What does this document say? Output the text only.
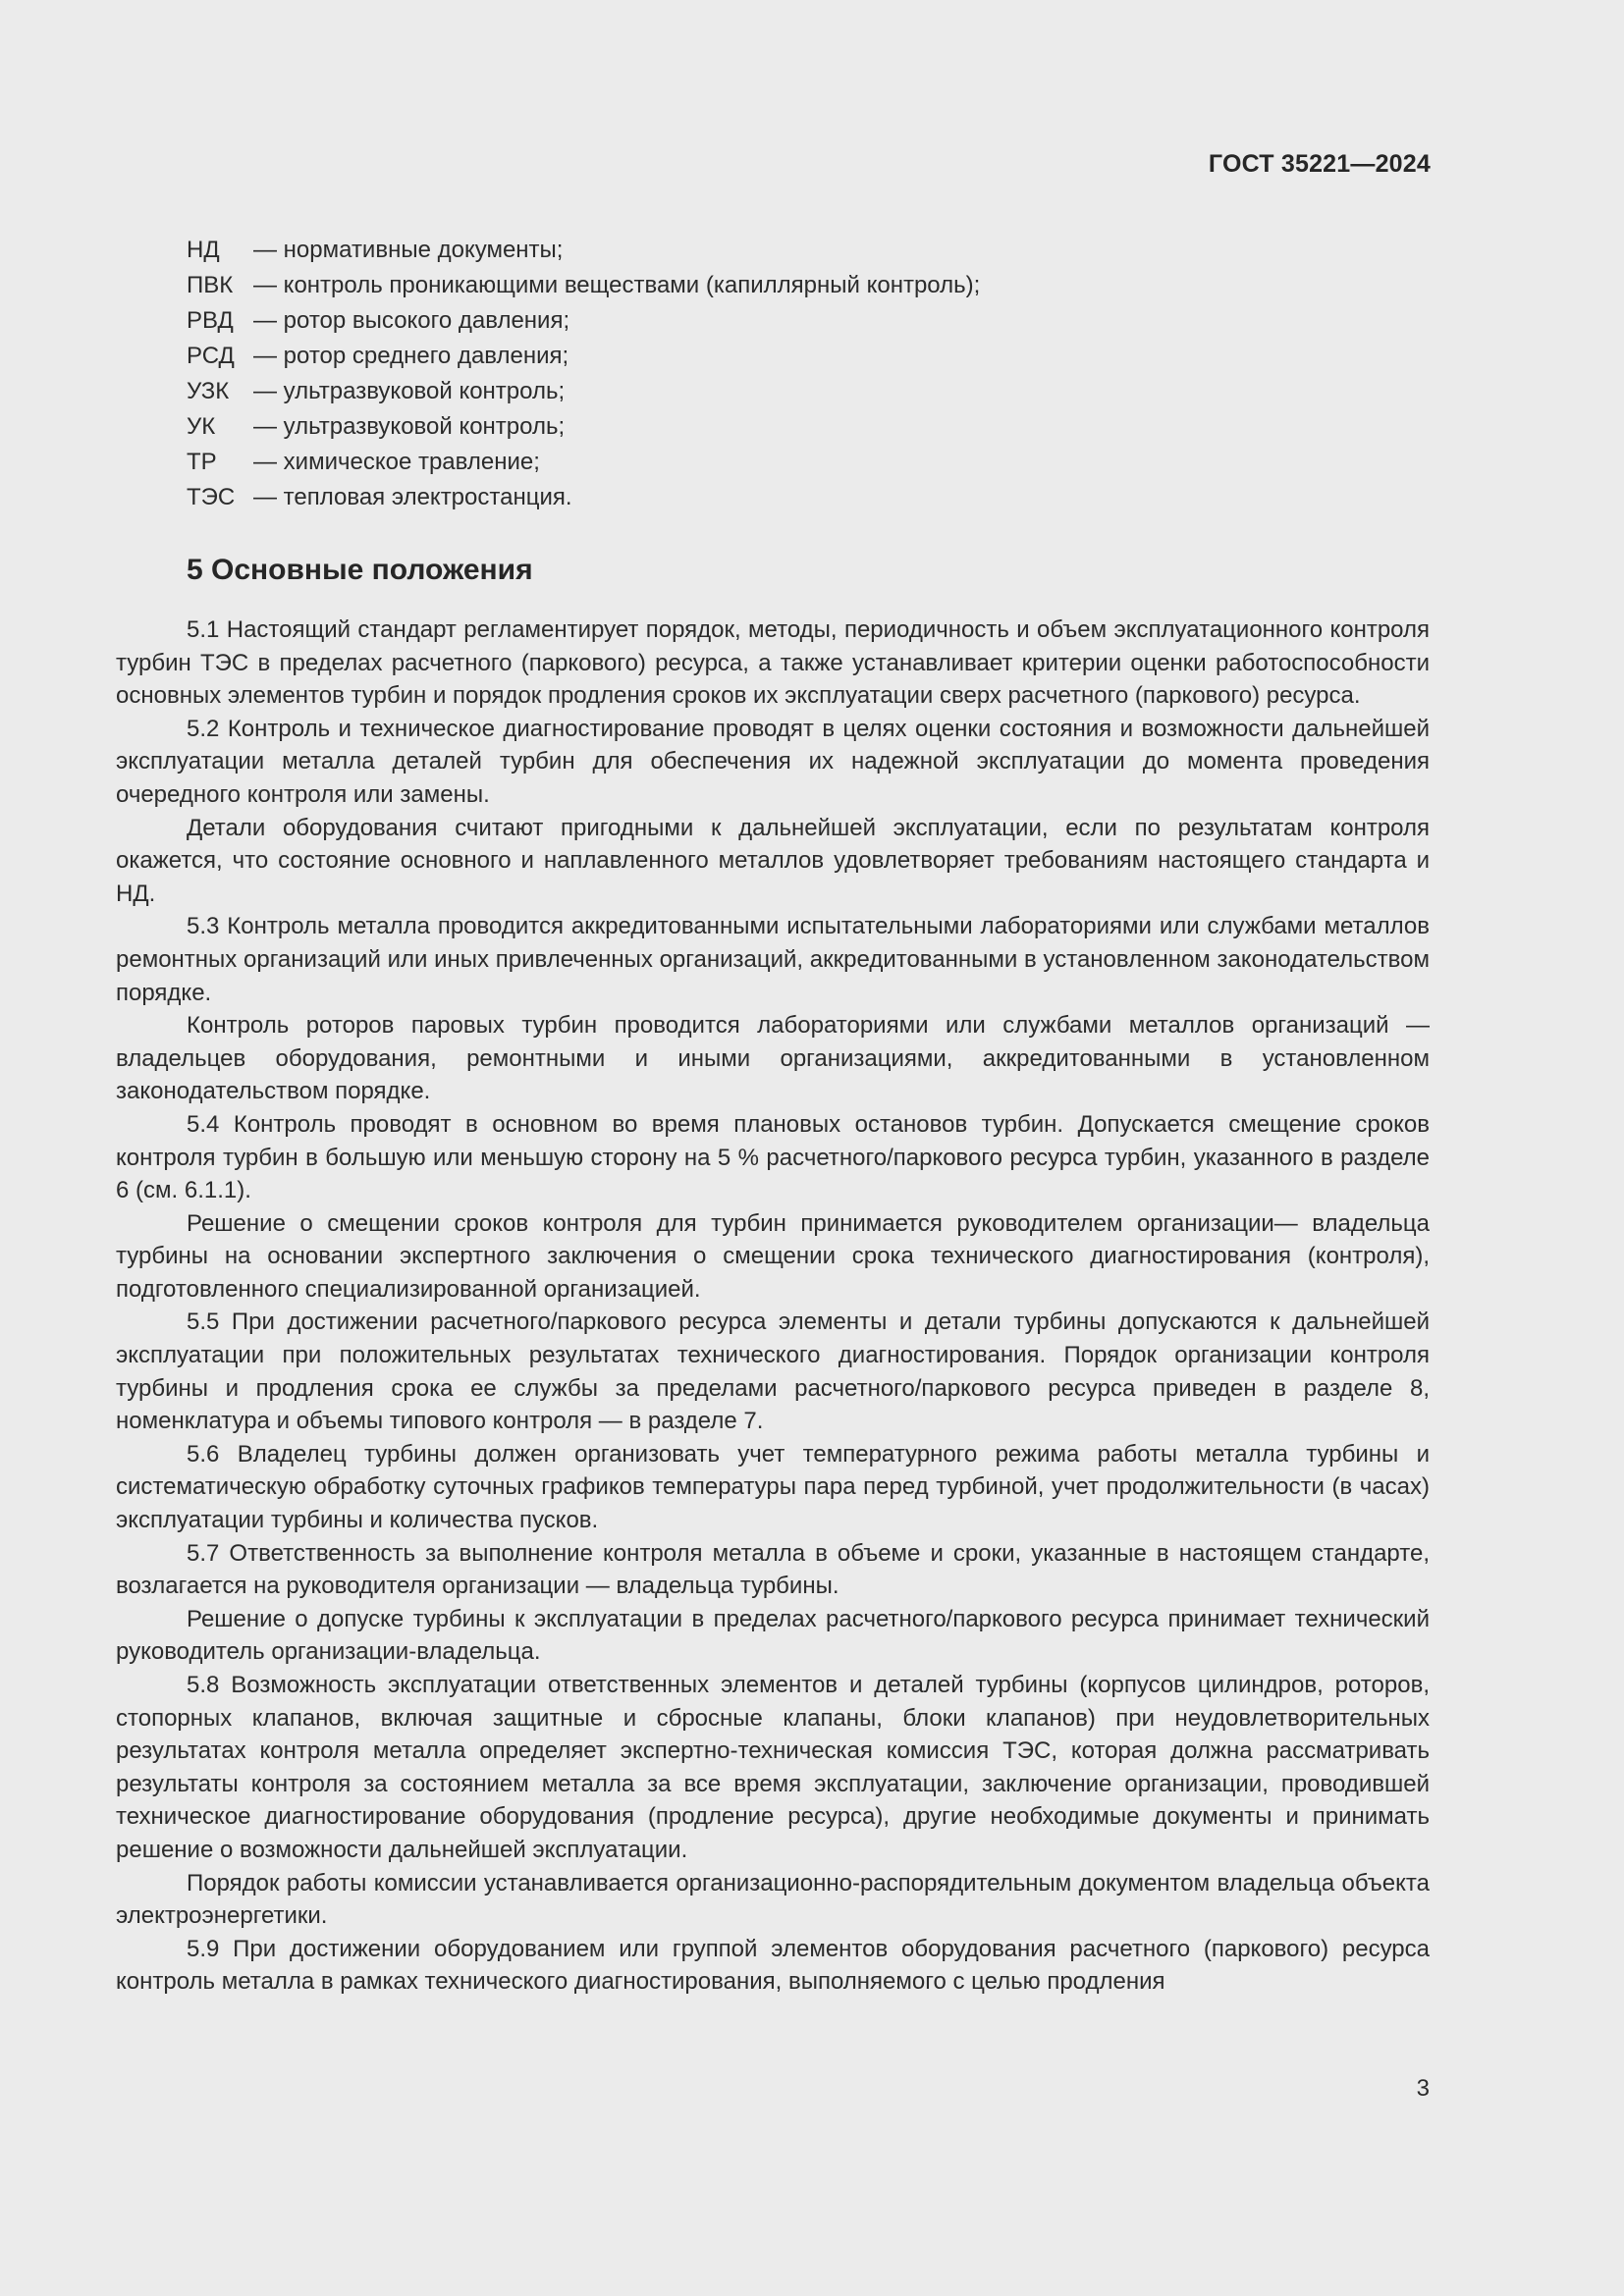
ГОСТ 35221—2024
НД — нормативные документы;
ПВК — контроль проникающими веществами (капиллярный контроль);
РВД — ротор высокого давления;
РСД — ротор среднего давления;
УЗК — ультразвуковой контроль;
УК — ультразвуковой контроль;
ТР — химическое травление;
ТЭС — тепловая электростанция.
5 Основные положения

5.1 Настоящий стандарт регламентирует порядок, методы, периодичность и объем эксплуатационного контроля турбин ТЭС в пределах расчетного (паркового) ресурса, а также устанавливает критерии оценки работоспособности основных элементов турбин и порядок продления сроков их эксплуатации сверх расчетного (паркового) ресурса.

5.2 Контроль и техническое диагностирование проводят в целях оценки состояния и возможности дальнейшей эксплуатации металла деталей турбин для обеспечения их надежной эксплуатации до момента проведения очередного контроля или замены.

Детали оборудования считают пригодными к дальнейшей эксплуатации, если по результатам контроля окажется, что состояние основного и наплавленного металлов удовлетворяет требованиям настоящего стандарта и НД.

5.3 Контроль металла проводится аккредитованными испытательными лабораториями или службами металлов ремонтных организаций или иных привлеченных организаций, аккредитованными в установленном законодательством порядке.

Контроль роторов паровых турбин проводится лабораториями или службами металлов организаций — владельцев оборудования, ремонтными и иными организациями, аккредитованными в установленном законодательством порядке.

5.4 Контроль проводят в основном во время плановых остановов турбин. Допускается смещение сроков контроля турбин в большую или меньшую сторону на 5 % расчетного/паркового ресурса турбин, указанного в разделе 6 (см. 6.1.1).

Решение о смещении сроков контроля для турбин принимается руководителем организации— владельца турбины на основании экспертного заключения о смещении срока технического диагностирования (контроля), подготовленного специализированной организацией.

5.5 При достижении расчетного/паркового ресурса элементы и детали турбины допускаются к дальнейшей эксплуатации при положительных результатах технического диагностирования. Порядок организации контроля турбины и продления срока ее службы за пределами расчетного/паркового ресурса приведен в разделе 8, номенклатура и объемы типового контроля — в разделе 7.

5.6 Владелец турбины должен организовать учет температурного режима работы металла турбины и систематическую обработку суточных графиков температуры пара перед турбиной, учет продолжительности (в часах) эксплуатации турбины и количества пусков.

5.7 Ответственность за выполнение контроля металла в объеме и сроки, указанные в настоящем стандарте, возлагается на руководителя организации — владельца турбины.

Решение о допуске турбины к эксплуатации в пределах расчетного/паркового ресурса принимает технический руководитель организации-владельца.

5.8 Возможность эксплуатации ответственных элементов и деталей турбины (корпусов цилиндров, роторов, стопорных клапанов, включая защитные и сбросные клапаны, блоки клапанов) при неудовлетворительных результатах контроля металла определяет экспертно-техническая комиссия ТЭС, которая должна рассматривать результаты контроля за состоянием металла за все время эксплуатации, заключение организации, проводившей техническое диагностирование оборудования (продление ресурса), другие необходимые документы и принимать решение о возможности дальнейшей эксплуатации.

Порядок работы комиссии устанавливается организационно-распорядительным документом владельца объекта электроэнергетики.

5.9 При достижении оборудованием или группой элементов оборудования расчетного (паркового) ресурса контроль металла в рамках технического диагностирования, выполняемого с целью продления

3
